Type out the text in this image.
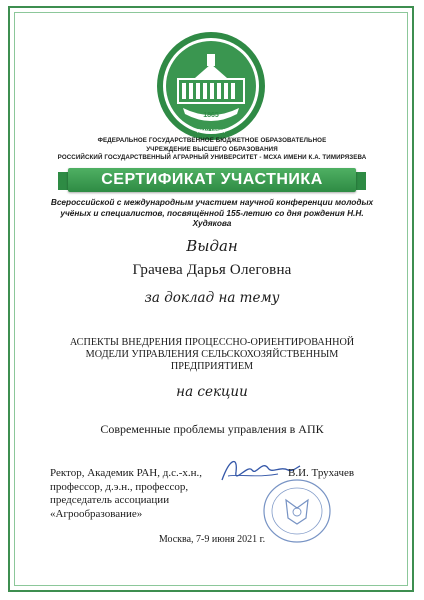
1865
РГАУ-МСХА
ФЕДЕРАЛЬНОЕ ГОСУДАРСТВЕННОЕ БЮДЖЕТНОЕ ОБРАЗОВАТЕЛЬНОЕ
УЧРЕЖДЕНИЕ ВЫСШЕГО ОБРАЗОВАНИЯ
РОССИЙСКИЙ ГОСУДАРСТВЕННЫЙ АГРАРНЫЙ УНИВЕРСИТЕТ - МСХА ИМЕНИ К.А. ТИМИРЯЗЕВА
СЕРТИФИКАТ УЧАСТНИКА
Всероссийской с международным участием научной конференции молодых учёных и специалистов, посвящённой 155-летию со дня рождения Н.Н. Худякова
Выдан
Грачева Дарья Олеговна
за доклад на тему
АСПЕКТЫ ВНЕДРЕНИЯ ПРОЦЕССНО-ОРИЕНТИРОВАННОЙ
МОДЕЛИ УПРАВЛЕНИЯ СЕЛЬСКОХОЗЯЙСТВЕННЫМ
ПРЕДПРИЯТИЕМ
на секции
Современные проблемы управления в АПК
Ректор, Академик РАН, д.с.-х.н.,
профессор, д.э.н., профессор,
председатель ассоциации
«Агрообразование»
В.И. Трухачев
Москва, 7-9 июня 2021 г.
